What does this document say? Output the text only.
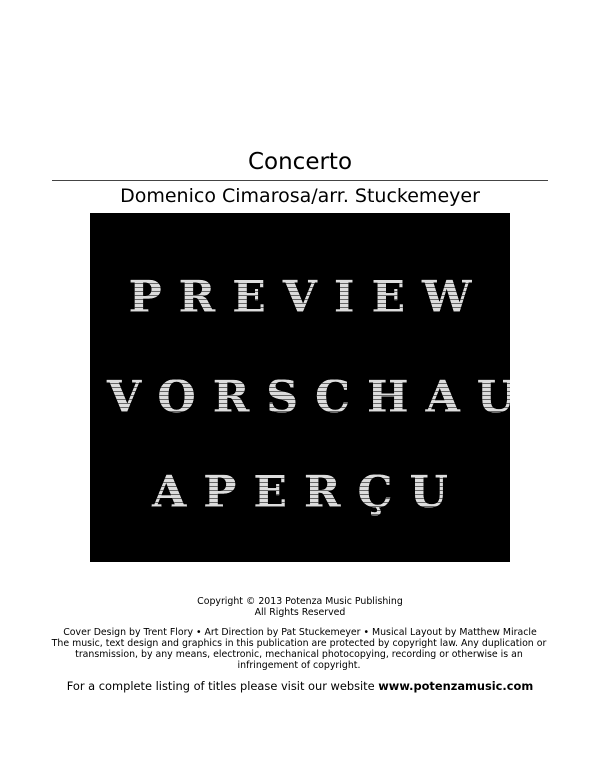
Concerto
Domenico Cimarosa/arr. Stuckemeyer
PREVIEW
VORSCHAU
APERÇU
Copyright © 2013 Potenza Music Publishing
All Rights Reserved
Cover Design by Trent Flory • Art Direction by Pat Stuckemeyer • Musical Layout by Matthew Miracle
The music, text design and graphics in this publication are protected by copyright law. Any duplication or transmission, by any means, electronic, mechanical photocopying, recording or otherwise is an infringement of copyright.
For a complete listing of titles please visit our website www.potenzamusic.com
